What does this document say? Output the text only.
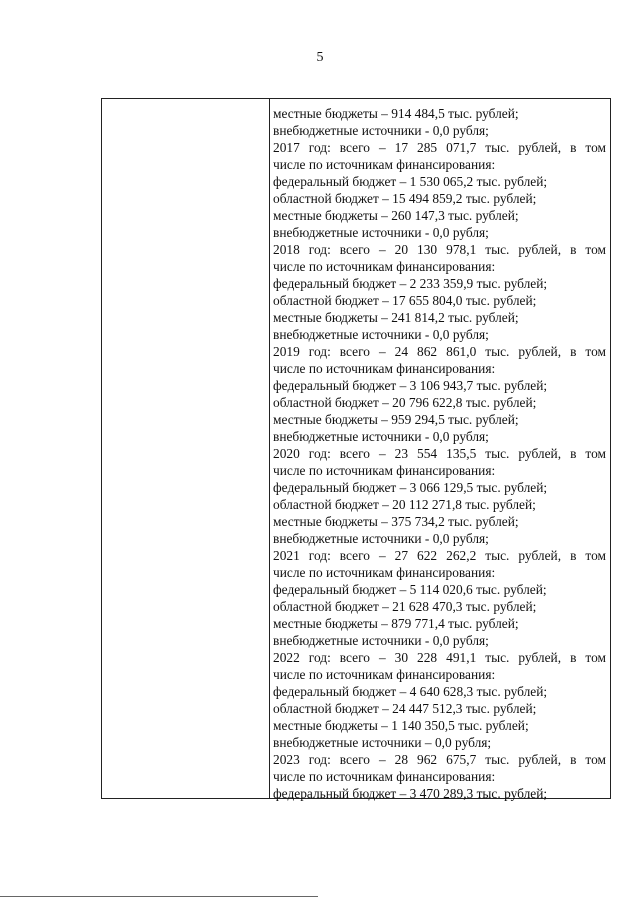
5
местные бюджеты – 914 484,5 тыс. рублей;
внебюджетные источники - 0,0 рубля;
2017 год: всего – 17 285 071,7 тыс. рублей, в том
числе по источникам финансирования:
федеральный бюджет – 1 530 065,2 тыс. рублей;
областной бюджет – 15 494 859,2 тыс. рублей;
местные бюджеты – 260 147,3 тыс. рублей;
внебюджетные источники - 0,0 рубля;
2018 год: всего – 20 130 978,1 тыс. рублей, в том
числе по источникам финансирования:
федеральный бюджет – 2 233 359,9 тыс. рублей;
областной бюджет – 17 655 804,0 тыс. рублей;
местные бюджеты – 241 814,2 тыс. рублей;
внебюджетные источники - 0,0 рубля;
2019 год: всего – 24 862 861,0 тыс. рублей, в том
числе по источникам финансирования:
федеральный бюджет – 3 106 943,7 тыс. рублей;
областной бюджет – 20 796 622,8 тыс. рублей;
местные бюджеты – 959 294,5 тыс. рублей;
внебюджетные источники - 0,0 рубля;
2020 год: всего – 23 554 135,5 тыс. рублей, в том
числе по источникам финансирования:
федеральный бюджет – 3 066 129,5 тыс. рублей;
областной бюджет – 20 112 271,8 тыс. рублей;
местные бюджеты – 375 734,2 тыс. рублей;
внебюджетные источники - 0,0 рубля;
2021 год: всего – 27 622 262,2 тыс. рублей, в том
числе по источникам финансирования:
федеральный бюджет – 5 114 020,6 тыс. рублей;
областной бюджет – 21 628 470,3 тыс. рублей;
местные бюджеты – 879 771,4 тыс. рублей;
внебюджетные источники - 0,0 рубля;
2022 год: всего – 30 228 491,1 тыс. рублей, в том
числе по источникам финансирования:
федеральный бюджет – 4 640 628,3 тыс. рублей;
областной бюджет – 24 447 512,3 тыс. рублей;
местные бюджеты – 1 140 350,5 тыс. рублей;
внебюджетные источники – 0,0 рубля;
2023 год: всего – 28 962 675,7 тыс. рублей, в том
числе по источникам финансирования:
федеральный бюджет – 3 470 289,3 тыс. рублей;
